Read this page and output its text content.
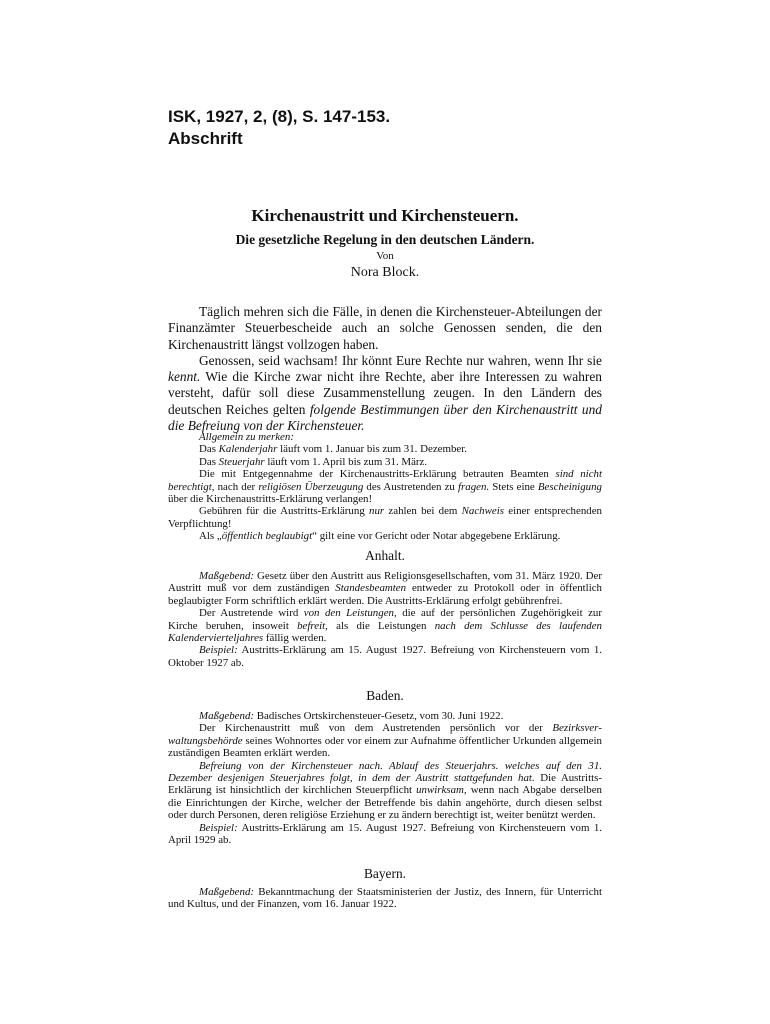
ISK, 1927, 2, (8), S. 147-153.
Abschrift
Kirchenaustritt und Kirchensteuern.
Die gesetzliche Regelung in den deutschen Ländern.
Von
Nora Block.

Täglich mehren sich die Fälle, in denen die Kirchensteuer-Abteilungen der Finanzämter Steuerbescheide auch an solche Genossen senden, die den Kirchenaustritt längst vollzogen haben.

Genossen, seid wachsam! Ihr könnt Eure Rechte nur wahren, wenn Ihr sie kennt. Wie die Kirche zwar nicht ihre Rechte, aber ihre Interessen zu wahren versteht, dafür soll diese Zusammenstellung zeugen. In den Ländern des deutschen Reiches gelten folgende Bestimmungen über den Kirchenaustritt und die Befreiung von der Kirchensteuer.

Allgemein zu merken:

Das Kalenderjahr läuft vom 1. Januar bis zum 31. Dezember.

Das Steuerjahr läuft vom 1. April bis zum 31. März.

Die mit Entgegennahme der Kirchenaustritts-Erklärung betrauten Beamten sind nicht berechtigt, nach der religiösen Überzeugung des Austretenden zu fragen. Stets eine Bescheinigung über die Kirchenaustritts-Erklärung verlangen!

Gebühren für die Austritts-Erklärung nur zahlen bei dem Nachweis einer entsprechenden Verpflichtung!

Als „öffentlich beglaubigt“ gilt eine vor Gericht oder Notar abgegebene Erklärung.

Anhalt.

Maßgebend: Gesetz über den Austritt aus Religionsgesellschaften, vom 31. März 1920. Der Austritt muß vor dem zuständigen Standesbeamten entweder zu Protokoll oder in öffentlich beglaubigter Form schriftlich erklärt werden. Die Austritts-Erklärung erfolgt gebührenfrei.

Der Austretende wird von den Leistungen, die auf der persönlichen Zugehörigkeit zur Kirche beruhen, insoweit befreit, als die Leistungen nach dem Schlusse des laufenden Kalendervierteljahres fällig werden.

Beispiel: Austritts-Erklärung am 15. August 1927. Befreiung von Kirchensteuern vom 1. Oktober 1927 ab.

Baden.

Maßgebend: Badisches Ortskirchensteuer-Gesetz, vom 30. Juni 1922.

Der Kirchenaustritt muß von dem Austretenden persönlich vor der Bezirksverwaltungsbehörde seines Wohnortes oder vor einem zur Aufnahme öffentlicher Urkunden allgemein zuständigen Beamten erklärt werden.

Befreiung von der Kirchensteuer nach. Ablauf des Steuerjahrs. welches auf den 31. Dezember desjenigen Steuerjahres folgt, in dem der Austritt stattgefunden hat. Die Austritts-Erklärung ist hinsichtlich der kirchlichen Steuerpflicht unwirksam, wenn nach Abgabe derselben die Einrichtungen der Kirche, welcher der Betreffende bis dahin angehörte, durch diesen selbst oder durch Personen, deren religiöse Erziehung er zu ändern berechtigt ist, weiter benützt werden.

Beispiel: Austritts-Erklärung am 15. August 1927. Befreiung von Kirchensteuern vom 1. April 1929 ab.

Bayern.

Maßgebend: Bekanntmachung der Staatsministerien der Justiz, des Innern, für Unterricht und Kultus, und der Finanzen, vom 16. Januar 1922.
